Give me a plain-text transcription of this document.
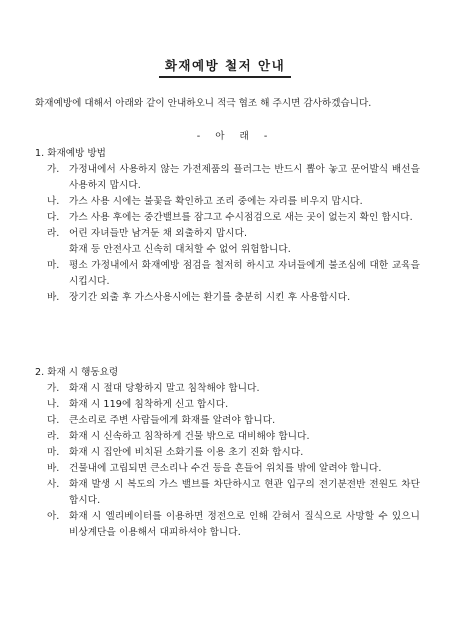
화재예방 철저 안내
화재예방에 대해서 아래와 같이 안내하오니 적극 협조 해 주시면 감사하겠습니다.
- 아 래 -
1. 화재예방 방법
가.	가정내에서 사용하지 않는 가전제품의 플러그는 반드시 뽑아 놓고 문어발식 배선을 사용하지 맙시다.
나.	가스 사용 시에는 불꽃을 확인하고 조리 중에는 자리를 비우지 맙시다.
다.	가스 사용 후에는 중간밸브를 잠그고 수시점검으로 새는 곳이 없는지 확인 합시다.
라.	어린 자녀들만 남겨둔 채 외출하지 맙시다.
화재 등 안전사고 신속히 대처할 수 없어 위험합니다.
마.	평소 가정내에서 화재예방 점검을 철저히 하시고 자녀들에게 불조심에 대한 교육을 시킵시다.
바.	장기간 외출 후 가스사용시에는 환기를 충분히 시킨 후 사용합시다.
2. 화재 시 행동요령
가.	화재 시 절대 당황하지 말고 침착해야 합니다.
나.	화재 시 119에 침착하게 신고 합시다.
다.	큰소리로 주변 사람들에게 화재를 알려야 합니다.
라.	화재 시 신속하고 침착하게 건물 밖으로 대비해야 합니다.
마.	화재 시 집안에 비치된 소화기를 이용 초기 진화 합시다.
바.	건물내에 고립되면 큰소리나 수건 등을 흔들어 위치를 밖에 알려야 합니다.
사.	화재 발생 시 복도의 가스 밸브를 차단하시고 현관 입구의 전기분전반 전원도 차단 합시다.
아.	화재 시 엘리베이터를 이용하면 정전으로 인해 갇혀서 질식으로 사망할 수 있으니 비상계단을 이용해서 대피하셔야 합니다.
